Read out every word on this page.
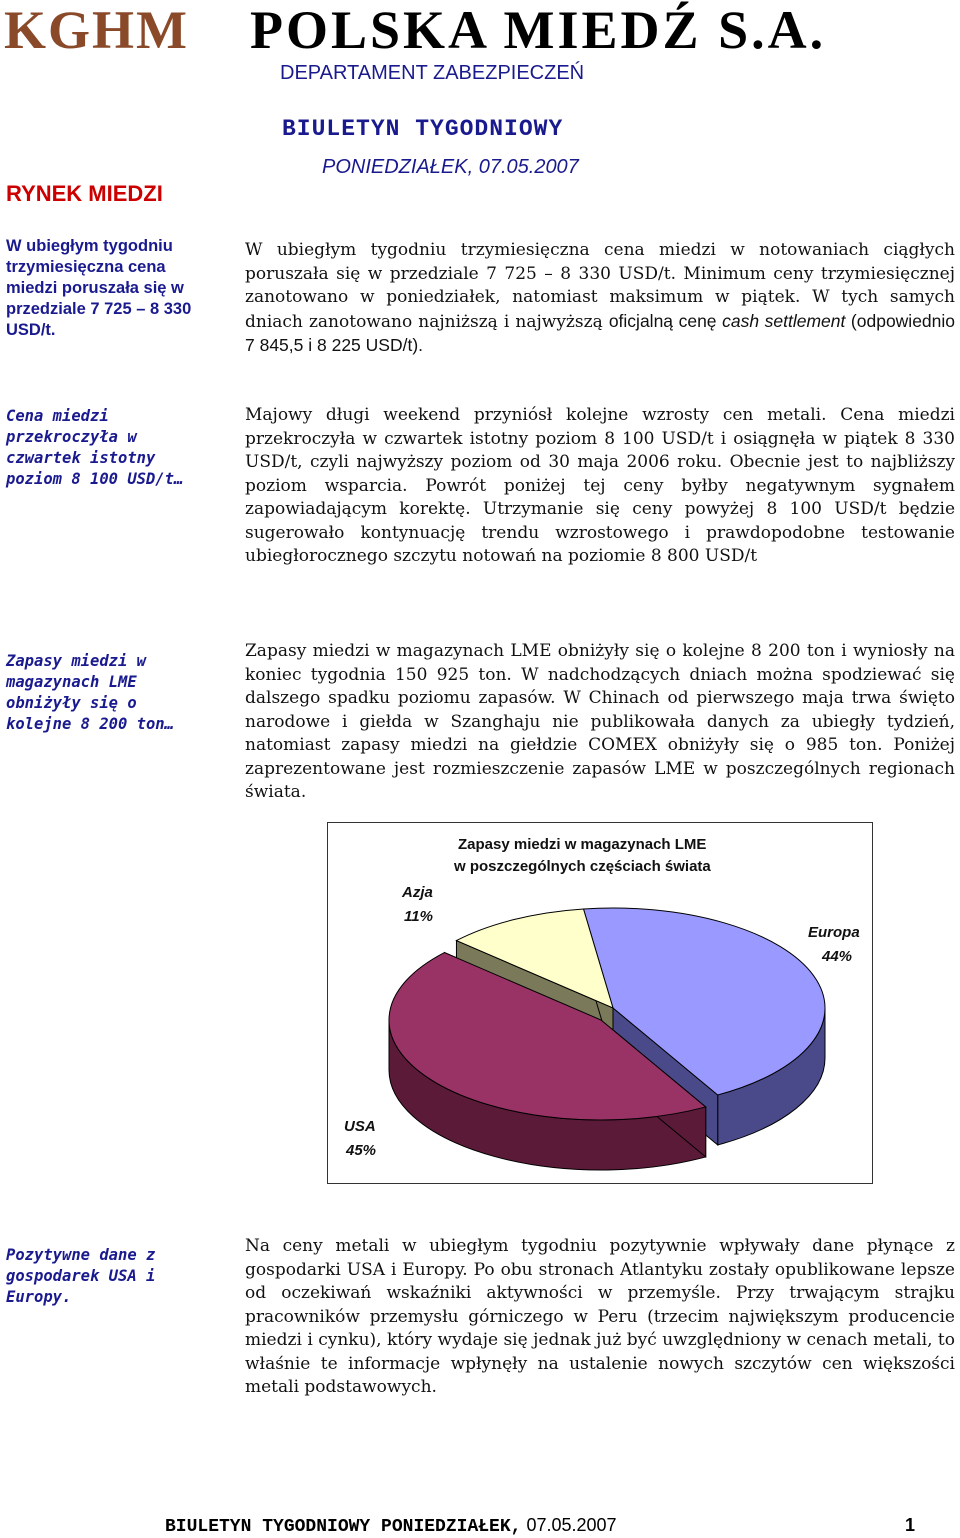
KGHM POLSKA MIEDŹ S.A.
DEPARTAMENT ZABEZPIECZEŃ
BIULETYN TYGODNIOWY
PONIEDZIAŁEK, 07.05.2007
RYNEK MIEDZI
W ubiegłym tygodniu trzymiesięczna cena miedzi poruszała się w przedziale 7 725 – 8 330 USD/t.
W ubiegłym tygodniu trzymiesięczna cena miedzi w notowaniach ciągłych poruszała się w przedziale 7 725 – 8 330 USD/t. Minimum ceny trzymiesięcznej zanotowano w poniedziałek, natomiast maksimum w piątek. W tych samych dniach zanotowano najniższą i najwyższą oficjalną cenę cash settlement (odpowiednio 7 845,5 i 8 225 USD/t).
Cena miedzi przekroczyła w czwartek istotny poziom 8 100 USD/t…
Majowy długi weekend przyniósł kolejne wzrosty cen metali. Cena miedzi przekroczyła w czwartek istotny poziom 8 100 USD/t i osiągnęła w piątek 8 330 USD/t, czyli najwyższy poziom od 30 maja 2006 roku. Obecnie jest to najbliższy poziom wsparcia. Powrót poniżej tej ceny byłby negatywnym sygnałem zapowiadającym korektę. Utrzymanie się ceny powyżej 8 100 USD/t będzie sugerowało kontynuację trendu wzrostowego i prawdopodobne testowanie ubiegłorocznego szczytu notowań na poziomie 8 800 USD/t
Zapasy miedzi w magazynach LME obniżyły się o kolejne 8 200 ton…
Zapasy miedzi w magazynach LME obniżyły się o kolejne 8 200 ton i wyniosły na koniec tygodnia 150 925 ton. W nadchodzących dniach można spodziewać się dalszego spadku poziomu zapasów. W Chinach od pierwszego maja trwa święto narodowe i giełda w Szanghaju nie publikowała danych za ubiegły tydzień, natomiast zapasy miedzi na giełdzie COMEX obniżyły się o 985 ton. Poniżej zaprezentowane jest rozmieszczenie zapasów LME w poszczególnych regionach świata.
Zapasy miedzi w magazynach LME
w poszczególnych częściach świata
Europa
44%
USA
45%
Azja
11%
Pozytywne dane z gospodarek USA i Europy.
Na ceny metali w ubiegłym tygodniu pozytywnie wpływały dane płynące z gospodarki USA i Europy. Po obu stronach Atlantyku zostały opublikowane lepsze od oczekiwań wskaźniki aktywności w przemyśle. Przy trwającym strajku pracowników przemysłu górniczego w Peru (trzecim największym producencie miedzi i cynku), który wydaje się jednak już być uwzględniony w cenach metali, to właśnie te informacje wpłynęły na ustalenie nowych szczytów cen większości metali podstawowych.
BIULETYN TYGODNIOWY PONIEDZIAŁEK, 07.05.2007	1
